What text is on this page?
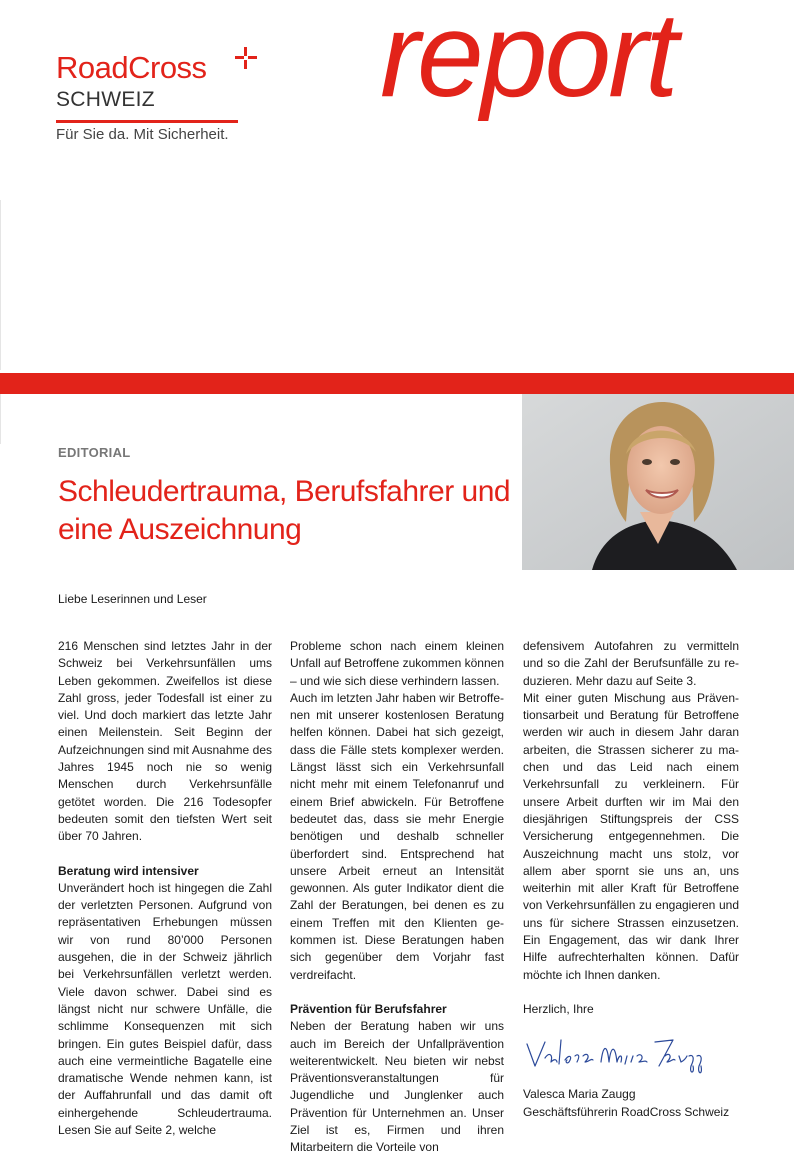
RoadCross
SCHWEIZ
Für Sie da. Mit Sicherheit.
report
EDITORIAL
Schleudertrauma, Berufsfahrer und eine Auszeichnung
Liebe Leserinnen und Leser

216 Menschen sind letztes Jahr in der Schweiz bei Verkehrsunfällen ums Leben gekommen. Zweifellos ist diese Zahl gross, jeder Todesfall ist einer zu viel. Und doch markiert das letzte Jahr einen Meilenstein. Seit Beginn der Aufzeichnungen sind mit Ausnahme des Jahres 1945 noch nie so wenig Menschen durch Verkehrsunfälle getötet worden. Die 216 Todesopfer bedeuten somit den tiefsten Wert seit über 70 Jahren.

Beratung wird intensiver

Unverändert hoch ist hingegen die Zahl der verletzten Personen. Aufgrund von repräsentativen Erhebungen müssen wir von rund 80’000 Personen ausgehen, die in der Schweiz jährlich bei Verkehrsunfällen verletzt werden. Viele davon schwer. Dabei sind es längst nicht nur schwere Unfälle, die schlimme Konsequenzen mit sich bringen. Ein gutes Beispiel dafür, dass auch eine vermeintliche Bagatelle eine dramatische Wende nehmen kann, ist der Auffahrunfall und das damit oft einhergehende Schleudertrauma. Lesen Sie auf Seite 2, welche

Probleme schon nach einem kleinen Unfall auf Betroffene zukommen können – und wie sich diese verhindern lassen.

Auch im letzten Jahr haben wir Betroffenen mit unserer kostenlosen Beratung helfen können. Dabei hat sich gezeigt, dass die Fälle stets komplexer werden. Längst lässt sich ein Verkehrsunfall nicht mehr mit einem Telefonanruf und einem Brief abwickeln. Für Betroffene bedeutet das, dass sie mehr Energie benötigen und deshalb schneller überfordert sind. Entsprechend hat unsere Arbeit erneut an Intensität gewonnen. Als guter Indikator dient die Zahl der Beratungen, bei denen es zu einem Treffen mit den Klienten gekommen ist. Diese Beratungen haben sich gegenüber dem Vorjahr fast verdreifacht.

Prävention für Berufsfahrer

Neben der Beratung haben wir uns auch im Bereich der Unfallprävention weiterentwickelt. Neu bieten wir nebst Präventionsveranstaltungen für Jugendliche und Junglenker auch Prävention für Unternehmen an. Unser Ziel ist es, Firmen und ihren Mitarbeitern die Vorteile von

defensivem Autofahren zu vermitteln und so die Zahl der Berufsunfälle zu reduzieren. Mehr dazu auf Seite 3.

Mit einer guten Mischung aus Präventionsarbeit und Beratung für Betroffene werden wir auch in diesem Jahr daran arbeiten, die Strassen sicherer zu machen und das Leid nach einem Verkehrsunfall zu verkleinern. Für unsere Arbeit durften wir im Mai den diesjährigen Stiftungspreis der CSS Versicherung entgegennehmen. Die Auszeichnung macht uns stolz, vor allem aber spornt sie uns an, uns weiterhin mit aller Kraft für Betroffene von Verkehrsunfällen zu engagieren und uns für sichere Strassen einzusetzen. Ein Engagement, das wir dank Ihrer Hilfe aufrechterhalten können. Dafür möchte ich Ihnen danken.

Herzlich, Ihre

Valesca Maria Zaugg

Geschäftsführerin RoadCross Schweiz
